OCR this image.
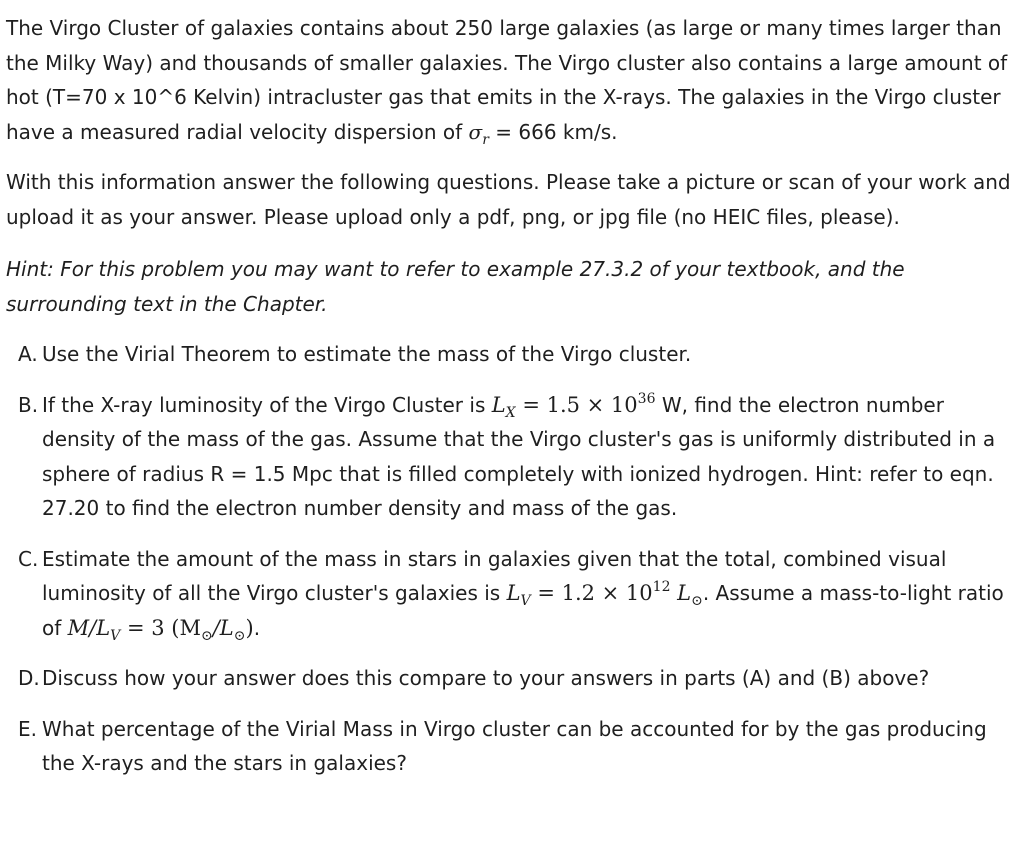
The Virgo Cluster of galaxies contains about 250 large galaxies (as large or many times larger than the Milky Way) and thousands of smaller galaxies. The Virgo cluster also contains a large amount of hot (T=70 x 10^6 Kelvin) intracluster gas that emits in the X-rays. The galaxies in the Virgo cluster have a measured radial velocity dispersion of $\sigma_r = 666$ km/s.

With this information answer the following questions. Please take a picture or scan of your work and upload it as your answer. Please upload only a pdf, png, or jpg file (no HEIC files, please).

Hint: For this problem you may want to refer to example 27.3.2 of your textbook, and the surrounding text in the Chapter.

A. Use the Virial Theorem to estimate the mass of the Virgo cluster.
B. If the X-ray luminosity of the Virgo Cluster is $L_X = 1.5 \times 10^{36}$ W, find the electron number density of the mass of the gas. Assume that the Virgo cluster's gas is uniformly distributed in a sphere of radius R = 1.5 Mpc that is filled completely with ionized hydrogen. Hint: refer to eqn. 27.20 to find the electron number density and mass of the gas.
C. Estimate the amount of the mass in stars in galaxies given that the total, combined visual luminosity of all the Virgo cluster's galaxies is $L_V = 1.2 \times 10^{12}$ $L_⊙$. Assume a mass-to-light ratio of $M/L_V = 3$ $(M_⊙/L_⊙)$.
D. Discuss how your answer does this compare to your answers in parts (A) and (B) above?
E. What percentage of the Virial Mass in Virgo cluster can be accounted for by the gas producing the X-rays and the stars in galaxies?
